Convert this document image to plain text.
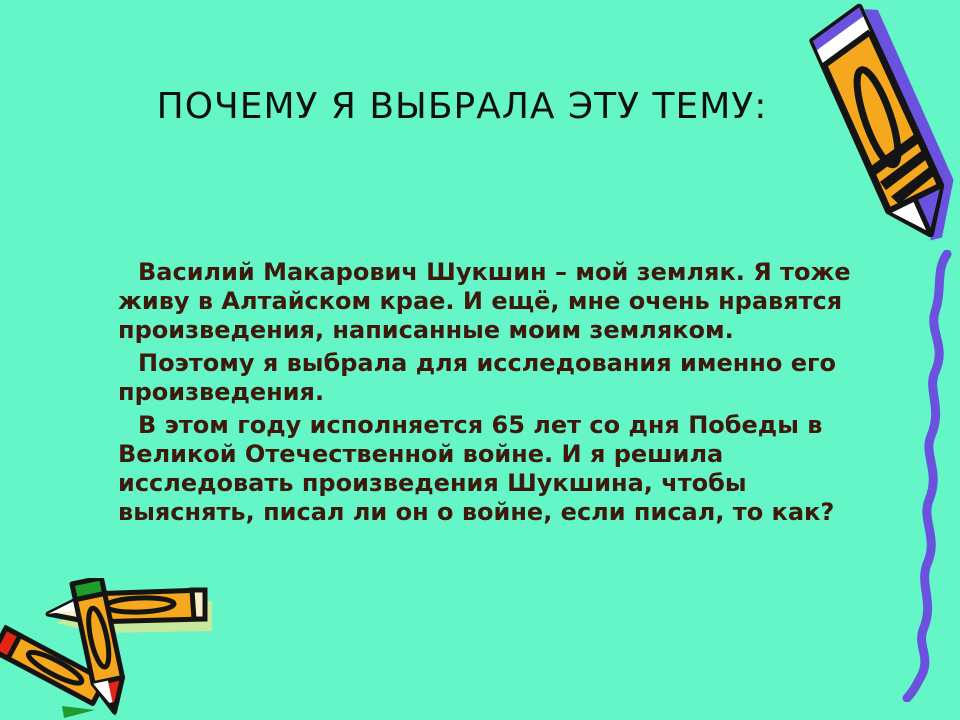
ПОЧЕМУ Я ВЫБРАЛА ЭТУ ТЕМУ:

Василий Макарович Шукшин – мой земляк. Я тоже живу в Алтайском крае. И ещё, мне очень нравятся произведения, написанные моим земляком.

Поэтому я выбрала для исследования именно его произведения.

В этом году исполняется 65 лет со дня Победы в Великой Отечественной войне. И я решила исследовать произведения Шукшина, чтобы выяснять, писал ли он о войне, если писал, то как?
